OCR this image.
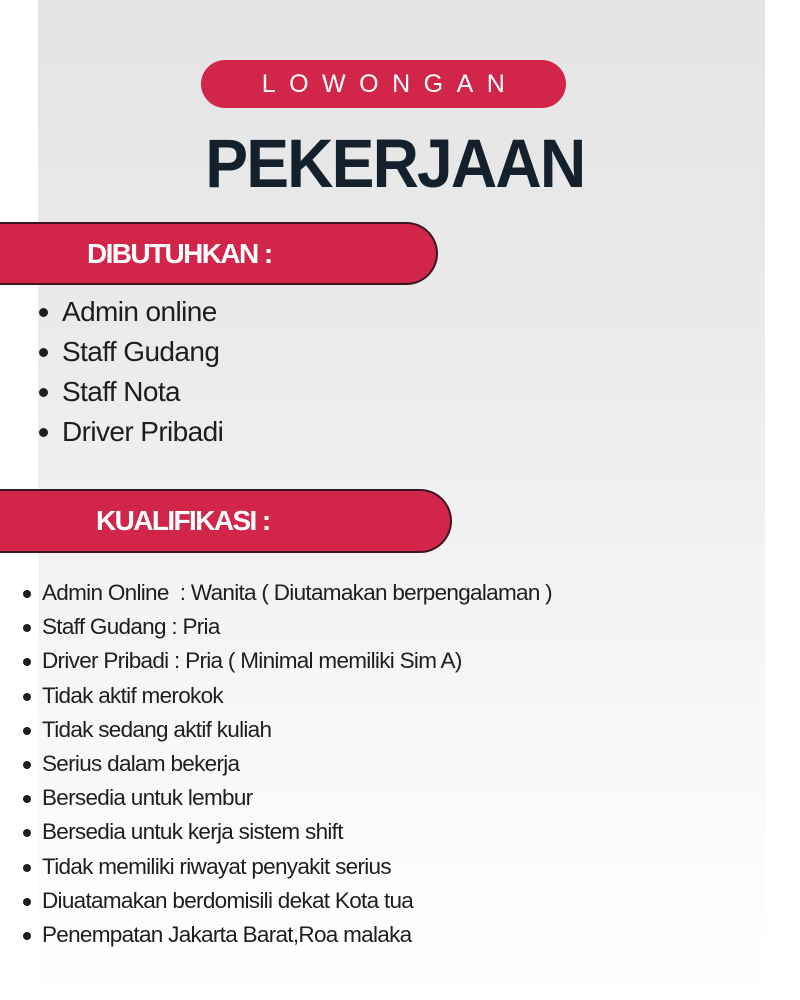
LOWONGAN
PEKERJAAN
DIBUTUHKAN :
Admin online
Staff Gudang
Staff Nota
Driver Pribadi
KUALIFIKASI :
Admin Online  : Wanita ( Diutamakan berpengalaman )
Staff Gudang : Pria
Driver Pribadi : Pria ( Minimal memiliki Sim A)
Tidak aktif merokok
Tidak sedang aktif kuliah
Serius dalam bekerja
Bersedia untuk lembur
Bersedia untuk kerja sistem shift
Tidak memiliki riwayat penyakit serius
Diuatamakan berdomisili dekat Kota tua
Penempatan Jakarta Barat,Roa malaka
